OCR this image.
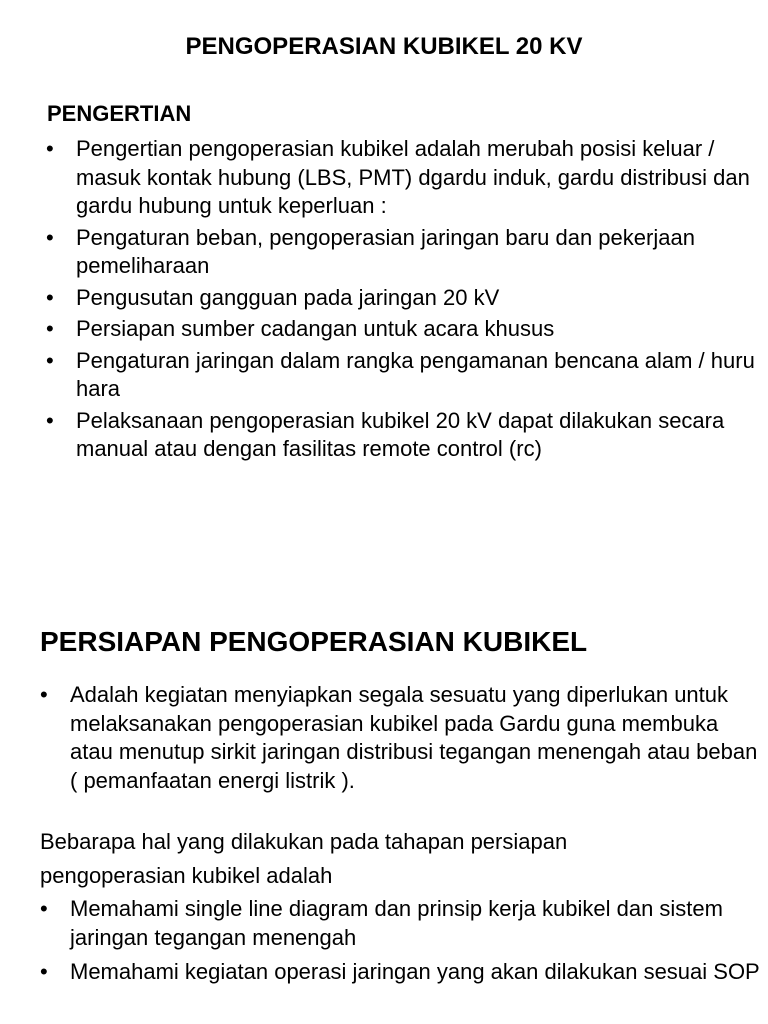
PENGOPERASIAN KUBIKEL 20 KV
PENGERTIAN
• Pengertian pengoperasian kubikel adalah merubah posisi keluar / masuk kontak hubung (LBS, PMT) dgardu induk, gardu distribusi dan gardu hubung untuk keperluan :
• Pengaturan beban, pengoperasian jaringan baru dan pekerjaan pemeliharaan
• Pengusutan gangguan pada jaringan 20 kV
• Persiapan sumber cadangan untuk acara khusus
• Pengaturan jaringan dalam rangka pengamanan bencana alam / huru hara
• Pelaksanaan pengoperasian kubikel 20 kV dapat dilakukan secara manual atau dengan fasilitas remote control (rc)
PERSIAPAN PENGOPERASIAN KUBIKEL
• Adalah kegiatan menyiapkan segala sesuatu yang diperlukan untuk melaksanakan pengoperasian kubikel pada Gardu guna membuka atau menutup sirkit jaringan distribusi tegangan menengah atau beban ( pemanfaatan energi listrik ).

Bebarapa hal yang dilakukan pada tahapan persiapan

pengoperasian kubikel adalah

• Memahami single line diagram dan prinsip kerja kubikel dan sistem jaringan tegangan menengah
• Memahami kegiatan operasi jaringan yang akan dilakukan sesuai SOP
